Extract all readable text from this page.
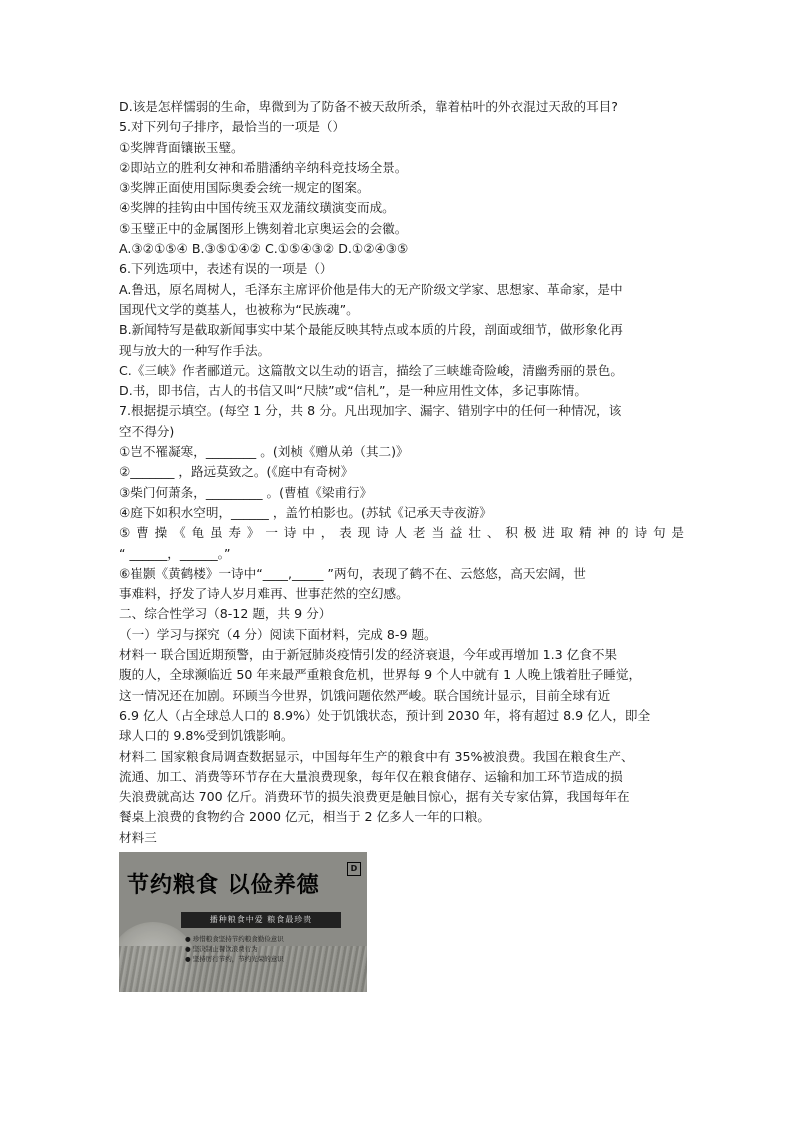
D.该是怎样懦弱的生命，卑微到为了防备不被天敌所杀，靠着枯叶的外衣混过天敌的耳目?
5.对下列句子排序，最恰当的一项是（）
①奖牌背面镶嵌玉璧。
②即站立的胜利女神和希腊潘纳辛纳科竞技场全景。
③奖牌正面使用国际奥委会统一规定的图案。
④奖牌的挂钩由中国传统玉双龙蒲纹璜演变而成。
⑤玉璧正中的金属图形上镌刻着北京奥运会的会徽。
A.③②①⑤④ B.③⑤①④② C.①⑤④③② D.①②④③⑤
6.下列选项中，表述有误的一项是（）
A.鲁迅，原名周树人，毛泽东主席评价他是伟大的无产阶级文学家、思想家、革命家，是中
国现代文学的奠基人，也被称为“民族魂”。
B.新闻特写是截取新闻事实中某个最能反映其特点或本质的片段，剖面或细节，做形象化再
现与放大的一种写作手法。
C.《三峡》作者郦道元。这篇散文以生动的语言，描绘了三峡雄奇险峻，清幽秀丽的景色。
D.书，即书信，古人的书信又叫“尺牍”或“信札”，是一种应用性文体，多记事陈情。
7.根据提示填空。(每空 1 分，共 8 分。凡出现加字、漏字、错别字中的任何一种情况，该
空不得分)
①岂不罹凝寒，________ 。(刘桢《赠从弟（其二)》
②_______ ，路远莫致之。(《庭中有奇树》
③柴门何萧条，_________ 。(曹植《梁甫行》
④庭下如积水空明，______ ，盖竹柏影也。(苏轼《记承天寺夜游》
⑤曹操《龟虽寿》一诗中，表现诗人老当益壮、积极进取精神的诗句是
“ ______，______。”
⑥崔颢《黄鹤楼》一诗中“____,_____ ”两句，表现了鹤不在、云悠悠，高天宏阔，世
事难料，抒发了诗人岁月难再、世事茫然的空幻感。
二、综合性学习（8-12 题，共 9 分）
（一）学习与探究（4 分）阅读下面材料，完成 8-9 题。
材料一 联合国近期预警，由于新冠肺炎疫情引发的经济衰退，今年或再增加 1.3 亿食不果
腹的人，全球濒临近 50 年来最严重粮食危机，世界每 9 个人中就有 1 人晚上饿着肚子睡觉，
这一情况还在加剧。环顾当今世界，饥饿问题依然严峻。联合国统计显示，目前全球有近
6.9 亿人（占全球总人口的 8.9%）处于饥饿状态，预计到 2030 年，将有超过 8.9 亿人，即全
球人口的 9.8%受到饥饿影响。
材料二 国家粮食局调查数据显示，中国每年生产的粮食中有 35%被浪费。我国在粮食生产、
流通、加工、消费等环节存在大量浪费现象，每年仅在粮食储存、运输和加工环节造成的损
失浪费就高达 700 亿斤。消费环节的损失浪费更是触目惊心，据有关专家估算，我国每年在
餐桌上浪费的食物约合 2000 亿元，相当于 2 亿多人一年的口粮。
材料三
节约粮食 以俭养德
D
播种粮食中爱 粮食最珍贵
● 珍惜粮食坚持节约粮食勤俭意识
● 坚决制止餐饮浪费行为
● 坚持厉行节约，节约光荣的意识
